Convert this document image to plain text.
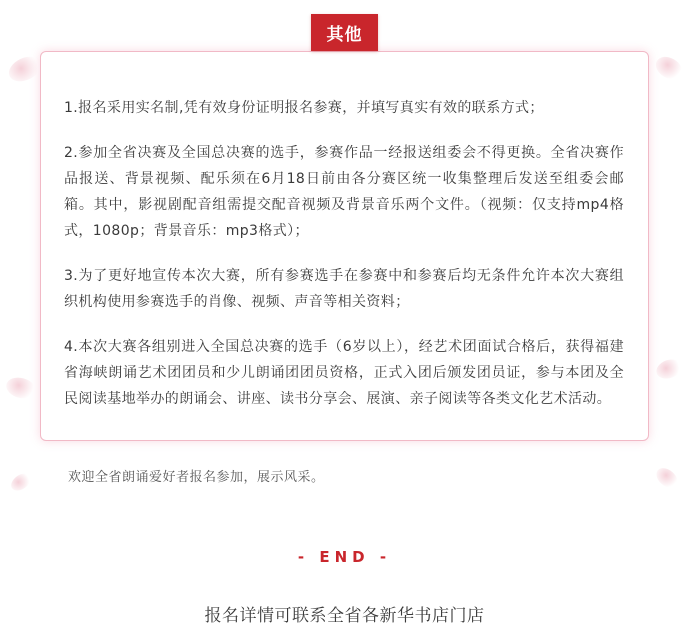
其他

1.报名采用实名制,凭有效身份证明报名参赛，并填写真实有效的联系方式；

2.参加全省决赛及全国总决赛的选手，参赛作品一经报送组委会不得更换。全省决赛作品报送、背景视频、配乐须在6月18日前由各分赛区统一收集整理后发送至组委会邮箱。其中，影视剧配音组需提交配音视频及背景音乐两个文件。（视频：仅支持mp4格式，1080p；背景音乐：mp3格式）；

3.为了更好地宣传本次大赛，所有参赛选手在参赛中和参赛后均无条件允许本次大赛组织机构使用参赛选手的肖像、视频、声音等相关资料；

4.本次大赛各组别进入全国总决赛的选手（6岁以上），经艺术团面试合格后，获得福建省海峡朗诵艺术团团员和少儿朗诵团团员资格，正式入团后颁发团员证，参与本团及全民阅读基地举办的朗诵会、讲座、读书分享会、展演、亲子阅读等各类文化艺术活动。

欢迎全省朗诵爱好者报名参加，展示风采。
- END -
报名详情可联系全省各新华书店门店
